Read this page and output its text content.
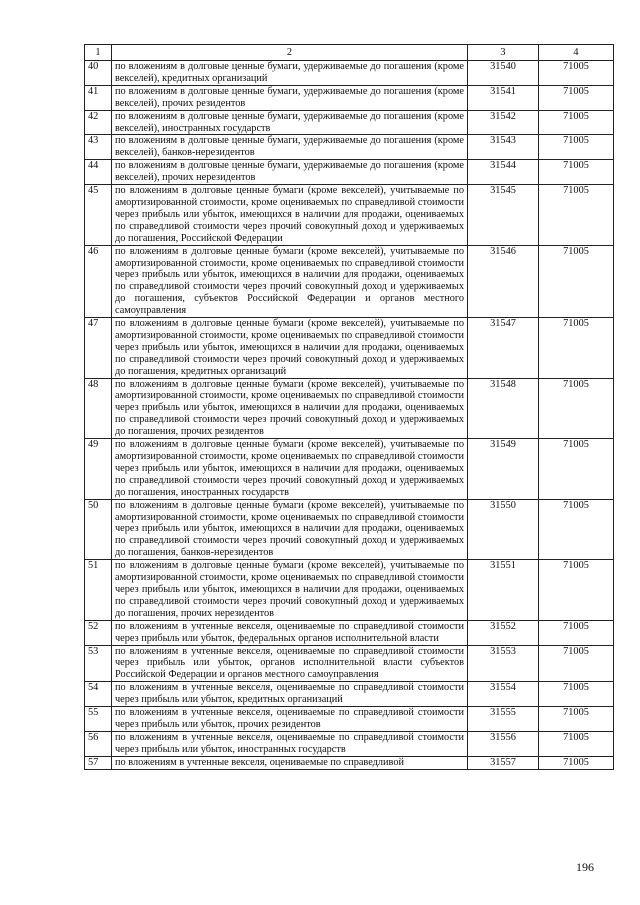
1	2	3	4
40	по вложениям в долговые ценные бумаги, удерживаемые до погашения (кроме векселей), кредитных организаций	31540	71005
41	по вложениям в долговые ценные бумаги, удерживаемые до погашения (кроме векселей), прочих резидентов	31541	71005
42	по вложениям в долговые ценные бумаги, удерживаемые до погашения (кроме векселей), иностранных государств	31542	71005
43	по вложениям в долговые ценные бумаги, удерживаемые до погашения (кроме векселей), банков-нерезидентов	31543	71005
44	по вложениям в долговые ценные бумаги, удерживаемые до погашения (кроме векселей), прочих нерезидентов	31544	71005
45	по вложениям в долговые ценные бумаги (кроме векселей), учитываемые по амортизированной стоимости, кроме оцениваемых по справедливой стоимости через прибыль или убыток, имеющихся в наличии для продажи, оцениваемых по справедливой стоимости через прочий совокупный доход и удерживаемых до погашения, Российской Федерации	31545	71005
46	по вложениям в долговые ценные бумаги (кроме векселей), учитываемые по амортизированной стоимости, кроме оцениваемых по справедливой стоимости через прибыль или убыток, имеющихся в наличии для продажи, оцениваемых по справедливой стоимости через прочий совокупный доход и удерживаемых до погашения, субъектов Российской Федерации и органов местного самоуправления	31546	71005
47	по вложениям в долговые ценные бумаги (кроме векселей), учитываемые по амортизированной стоимости, кроме оцениваемых по справедливой стоимости через прибыль или убыток, имеющихся в наличии для продажи, оцениваемых по справедливой стоимости через прочий совокупный доход и удерживаемых до погашения, кредитных организаций	31547	71005
48	по вложениям в долговые ценные бумаги (кроме векселей), учитываемые по амортизированной стоимости, кроме оцениваемых по справедливой стоимости через прибыль или убыток, имеющихся в наличии для продажи, оцениваемых по справедливой стоимости через прочий совокупный доход и удерживаемых до погашения, прочих резидентов	31548	71005
49	по вложениям в долговые ценные бумаги (кроме векселей), учитываемые по амортизированной стоимости, кроме оцениваемых по справедливой стоимости через прибыль или убыток, имеющихся в наличии для продажи, оцениваемых по справедливой стоимости через прочий совокупный доход и удерживаемых до погашения, иностранных государств	31549	71005
50	по вложениям в долговые ценные бумаги (кроме векселей), учитываемые по амортизированной стоимости, кроме оцениваемых по справедливой стоимости через прибыль или убыток, имеющихся в наличии для продажи, оцениваемых по справедливой стоимости через прочий совокупный доход и удерживаемых до погашения, банков-нерезидентов	31550	71005
51	по вложениям в долговые ценные бумаги (кроме векселей), учитываемые по амортизированной стоимости, кроме оцениваемых по справедливой стоимости через прибыль или убыток, имеющихся в наличии для продажи, оцениваемых по справедливой стоимости через прочий совокупный доход и удерживаемых до погашения, прочих нерезидентов	31551	71005
52	по вложениям в учтенные векселя, оцениваемые по справедливой стоимости через прибыль или убыток, федеральных органов исполнительной власти	31552	71005
53	по вложениям в учтенные векселя, оцениваемые по справедливой стоимости через прибыль или убыток, органов исполнительной власти субъектов Российской Федерации и органов местного самоуправления	31553	71005
54	по вложениям в учтенные векселя, оцениваемые по справедливой стоимости через прибыль или убыток, кредитных организаций	31554	71005
55	по вложениям в учтенные векселя, оцениваемые по справедливой стоимости через прибыль или убыток, прочих резидентов	31555	71005
56	по вложениям в учтенные векселя, оцениваемые по справедливой стоимости через прибыль или убыток, иностранных государств	31556	71005
57	по вложениям в учтенные векселя, оцениваемые по справедливой	31557	71005
196
